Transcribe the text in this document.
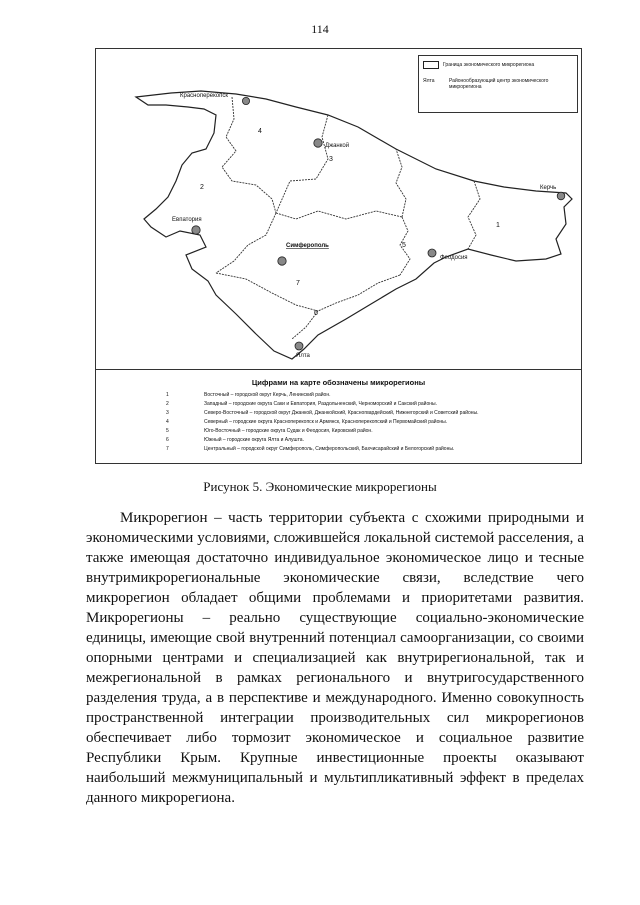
114
Красноперекопск
Джанкой
Керчь
Евпатория
Симферополь
Феодосия
Ялта
1
2
3
4
5
6
7
Граница экономического микрорегиона
Ялта	Районообразующий центр экономического микрорегиона
Цифрами на карте обозначены микрорегионы
1	Восточный – городской округ Керчь, Ленинский район.
2	Западный – городские округа Саки и Евпатория, Раздольненский, Черноморский и Сакский районы.
3	Северо-Восточный – городской округ Джанкой, Джанкойский, Красногвардейский, Нижнегорский и Советский районы.
4	Северный – городские округа Красноперекопск и Армянск, Красноперекопский и Первомайский районы.
5	Юго-Восточный – городские округа Судак и Феодосия, Кировский район.
6	Южный – городские округа Ялта и Алушта.
7	Центральный – городской округ Симферополь, Симферопольский, Бахчисарайский и Белогорский районы.
Рисунок 5. Экономические микрорегионы

Микрорегион – часть территории субъекта с схожими природными и экономическими условиями, сложившейся локальной системой расселения, а также имеющая достаточно индивидуальное экономическое лицо и тесные внутримикрорегиональные экономические связи, вследствие чего микрорегион обладает общими проблемами и приоритетами развития. Микрорегионы – реально существующие социально-экономические единицы, имеющие свой внутренний потенциал самоорганизации, со своими опорными центрами и специализацией как внутрирегиональной, так и межрегиональной в рамках регионального и внутригосударственного разделения труда, а в перспективе и международного. Именно совокупность пространственной интеграции производительных сил микрорегионов обеспечивает либо тормозит экономическое и социальное развитие Республики Крым. Крупные инвестиционные проекты оказывают наибольший межмуниципальный и мультипликативный эффект в пределах данного микрорегиона.
